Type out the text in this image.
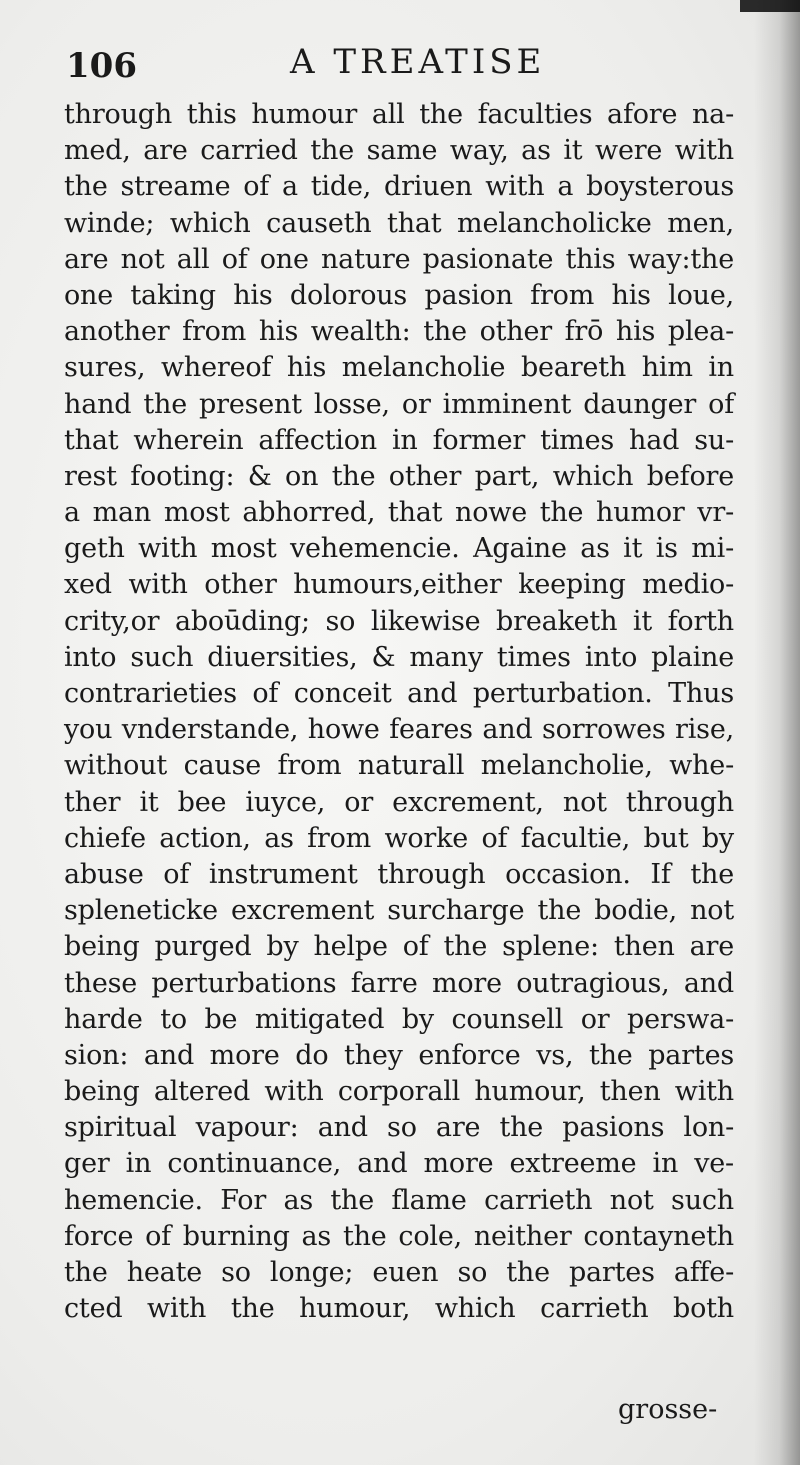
106	A TREATISE
through this humour all the faculties afore na-
med, are carried the same way, as it were with
the streame of a tide, driuen with a boysterous
winde; which causeth that melancholicke men,
are not all of one nature pasionate this way:the
one taking his dolorous pasion from his loue,
another from his wealth: the other frō his plea-
sures, whereof his melancholie beareth him in
hand the present losse, or imminent daunger of
that wherein affection in former times had su-
rest footing: & on the other part, which before
a man most abhorred, that nowe the humor vr-
geth with most vehemencie. Againe as it is mi-
xed with other humours,either keeping medio-
crity,or aboūding; so likewise breaketh it forth
into such diuersities, & many times into plaine
contrarieties of conceit and perturbation. Thus
you vnderstande, howe feares and sorrowes rise,
without cause from naturall melancholie, whe-
ther it bee iuyce, or excrement, not through
chiefe action, as from worke of facultie, but by
abuse of instrument through occasion. If the
spleneticke excrement surcharge the bodie, not
being purged by helpe of the splene: then are
these perturbations farre more outragious, and
harde to be mitigated by counsell or perswa-
sion: and more do they enforce vs, the partes
being altered with corporall humour, then with
spiritual vapour: and so are the pasions lon-
ger in continuance, and more extreeme in ve-
hemencie. For as the flame carrieth not such
force of burning as the cole, neither contayneth
the heate so longe; euen so the partes affe-
cted with the humour, which carrieth both
grosse-
